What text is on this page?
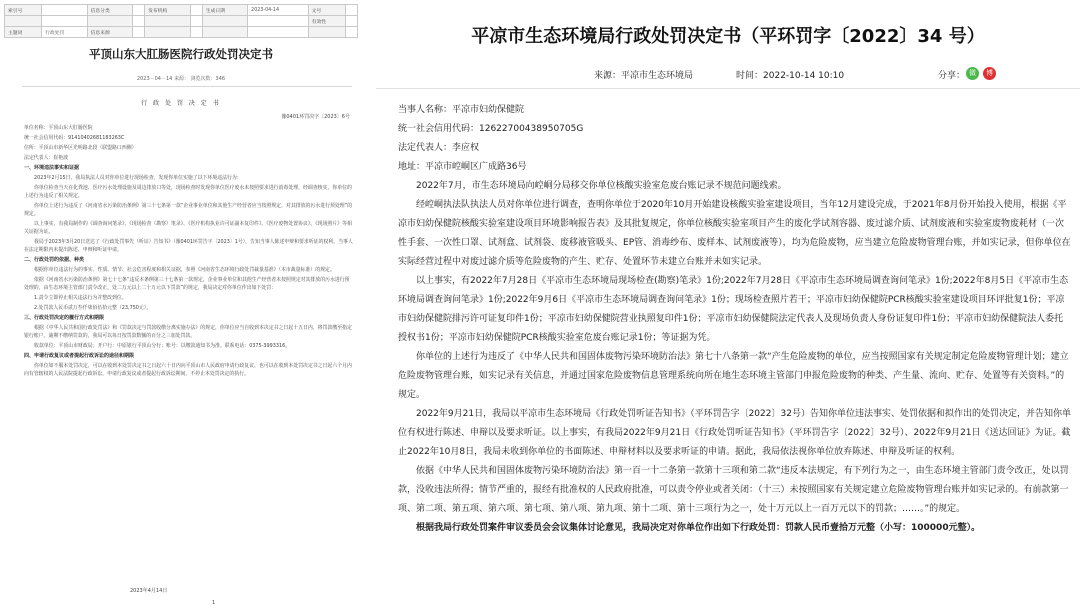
索引号		信息分类		发布机构		生成日期	2023-04-14	文号	
								有效性	
主题词	行政处罚	信息来源							
平顶山东大肛肠医院行政处罚决定书
2023－04－14 来源： 浏览次数：346
行 政 处 罚 决 定 书
豫0401环罚决字〔2023〕6号

单位名称：平顶山东大肛肠医院

统一社会信用代码：91410402681183263C

住所：平顶山市新华区光明路北段（联盟路口西侧）

法定代表人：崔艳波

一、环境违法事实和证据

2023年2月15日，我局执法人员对你单位进行现场检查，发现你单位实施了以下环境违法行为：

你单位检查当天在化粪池、医疗污水处理设施及周边排放口等处，现场检查时发现你单位医疗废水未按照要求进行消毒处理，经调查核实，你单位的上述行为违反了相关规定。

你单位上述行为违反了《河南省水污染防治条例》第三十七条第一款“企业事业单位和其他生产经营者应当按照规定，对其排放的污水进行预处理”的规定。

以上事实，有我局制作的《调查询问笔录》、《现场检查（勘察）笔录》、《医疗机构执业许可证副本复印件》、《医疗废物处置协议》、《现场照片》等相关证据为证。

我局于2023年3月20日送达了《行政处罚事先（听证）告知书》（豫0401环罚告字〔2023〕1号），告知当事人陈述申辩和要求听证的权利，当事人在法定期限内未提出陈述、申辩和听证申请。

二、行政处罚的依据、种类

根据你单位违法行为的事实、性质、情节、社会危害程度和相关证据，参照《河南省生态环境行政处罚裁量基准》（本市裁量标准）的规定。

依据《河南省水污染防治条例》第七十七条“违反本条例第三十七条第一款规定，企业事业单位和其他生产经营者未按照规定对其排放的污水进行预处理的，由生态环境主管部门责令改正，处二万元以上二十万元以下罚款”的规定，我局决定对你单位作出如下处罚：

1.责令立即停止相关违法行为并整改到位。

2.处罚款人民币贰万叁仟柒佰伍拾元整（23,750元）。

三、行政处罚决定的履行方式和期限

根据《中华人民共和国行政处罚法》和《罚款决定与罚款收缴分离实施办法》的规定，你单位应当自收到本决定书之日起十五日内，将罚款缴至指定银行账户。逾期不缴纳罚款的，我局可以每日按罚款数额的百分之三加处罚款。

收款单位：平顶山市财政局；开户行：中原银行平顶山分行；账号：以缴款通知书为准。联系电话：0375-3993316。

四、申请行政复议或者提起行政诉讼的途径和期限

你单位如不服本处罚决定，可以在收到本处罚决定书之日起六十日内向平顶山市人民政府申请行政复议，也可以在收到本处罚决定书之日起六个月内向有管辖权的人民法院提起行政诉讼。申请行政复议或者提起行政诉讼期间，不停止本处罚决定的执行。

2023年4月14日
1
平凉市生态环境局行政处罚决定书（平环罚字〔2022〕34 号）
来源：平凉市生态环境局	时间：2022-10-14 10:10	分享： 微	博

当事人名称：平凉市妇幼保健院

统一社会信用代码：12622700438950705G

法定代表人：李应权

地址：平凉市崆峒区广成路36号

2022年7月，市生态环境局向崆峒分局移交你单位核酸实验室危废台账记录不规范问题线索。

经崆峒执法队执法人员对你单位进行调查，查明你单位于2020年10月开始建设核酸实验室建设项目，当年12月建设完成，于2021年8月份开始投入使用，根据《平凉市妇幼保健院核酸实验室建设项目环境影响报告表》及其批复规定，你单位核酸实验室项目产生的废化学试剂容器、废过滤介质、试剂废液和实验室废物废耗材（一次性手套、一次性口罩、试剂盒、试剂袋、废移液管吸头、EP管、消毒纱布、废样本、试剂废液等），均为危险废物，应当建立危险废物管理台账，并如实记录，但你单位在实际经营过程中对废过滤介质等危险废物的产生、贮存、处置环节未建立台账并未如实记录。

以上事实，有2022年7月28日《平凉市生态环境局现场检查(勘察)笔录》1份;2022年7月28日《平凉市生态环境局调查询问笔录》1份;2022年8月5日《平凉市生态环境局调查询问笔录》1份;2022年9月6日《平凉市生态环境局调查询问笔录》1份；现场检查照片若干；平凉市妇幼保健院PCR核酸实验室建设项目环评批复1份；平凉市妇幼保健院排污许可证复印件1份；平凉市妇幼保健院营业执照复印件1份；平凉市妇幼保健院法定代表人及现场负责人身份证复印件1份；平凉市妇幼保健院法人委托授权书1份；平凉市妇幼保健院PCR核酸实验室危废台账记录1份；等证据为凭。

你单位的上述行为违反了《中华人民共和国固体废物污染环境防治法》第七十八条第一款“产生危险废物的单位，应当按照国家有关规定制定危险废物管理计划；建立危险废物管理台账，如实记录有关信息，并通过国家危险废物信息管理系统向所在地生态环境主管部门申报危险废物的种类、产生量、流向、贮存、处置等有关资料。”的规定。

2022年9月21日，我局以平凉市生态环境局《行政处罚听证告知书》（平环罚告字〔2022〕32号）告知你单位违法事实、处罚依据和拟作出的处罚决定，并告知你单位有权进行陈述、申辩以及要求听证。以上事实，有我局2022年9月21日《行政处罚听证告知书》（平环罚告字〔2022〕32号）、2022年9月21日《送达回证》为证。截止2022年10月8日，我局未收到你单位的书面陈述、申辩材料以及要求听证的申请。据此，我局依法视你单位放弃陈述、申辩及听证的权利。

依据《中华人民共和国固体废物污染环境防治法》第一百一十二条第一款第十三项和第二款“违反本法规定，有下列行为之一，由生态环境主管部门责令改正，处以罚款，没收违法所得；情节严重的，报经有批准权的人民政府批准，可以责令停业或者关闭：（十三）未按照国家有关规定建立危险废物管理台账并如实记录的。有前款第一项、第二项、第五项、第六项、第七项、第八项、第九项、第十二项、第十三项行为之一，处十万元以上一百万元以下的罚款；……。”的规定。

根据我局行政处罚案件审议委员会会议集体讨论意见，我局决定对你单位作出如下行政处罚：罚款人民币壹拾万元整（小写：100000元整）。
